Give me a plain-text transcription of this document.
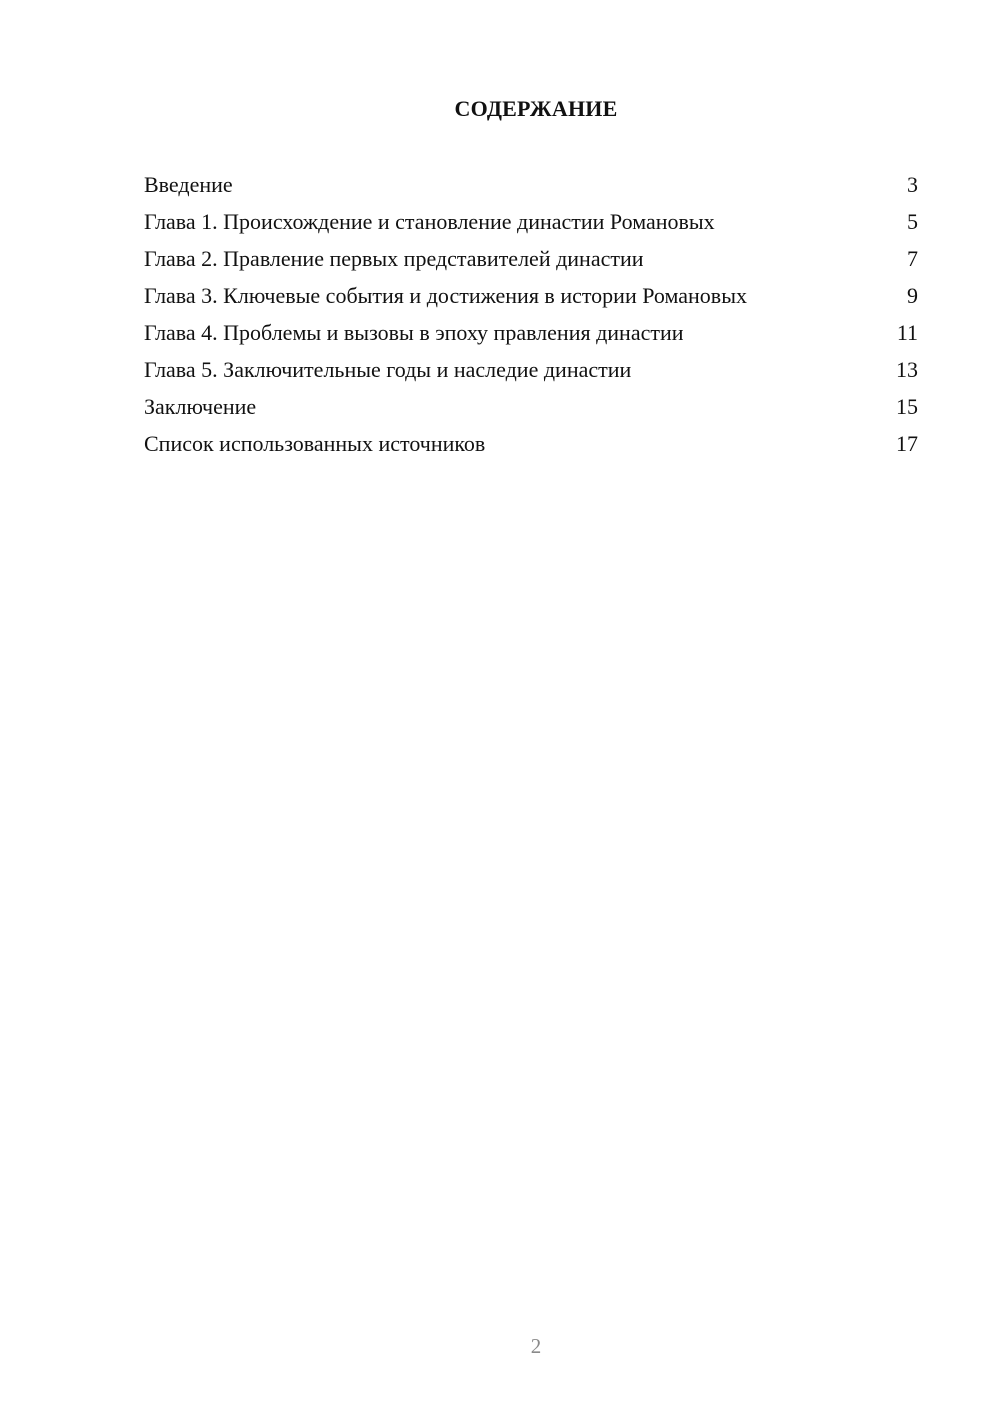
СОДЕРЖАНИЕ
Введение	3
Глава 1. Происхождение и становление династии Романовых	5
Глава 2. Правление первых представителей династии	7
Глава 3. Ключевые события и достижения в истории Романовых	9
Глава 4. Проблемы и вызовы в эпоху правления династии	11
Глава 5. Заключительные годы и наследие династии	13
Заключение	15
Список использованных источников	17
2
